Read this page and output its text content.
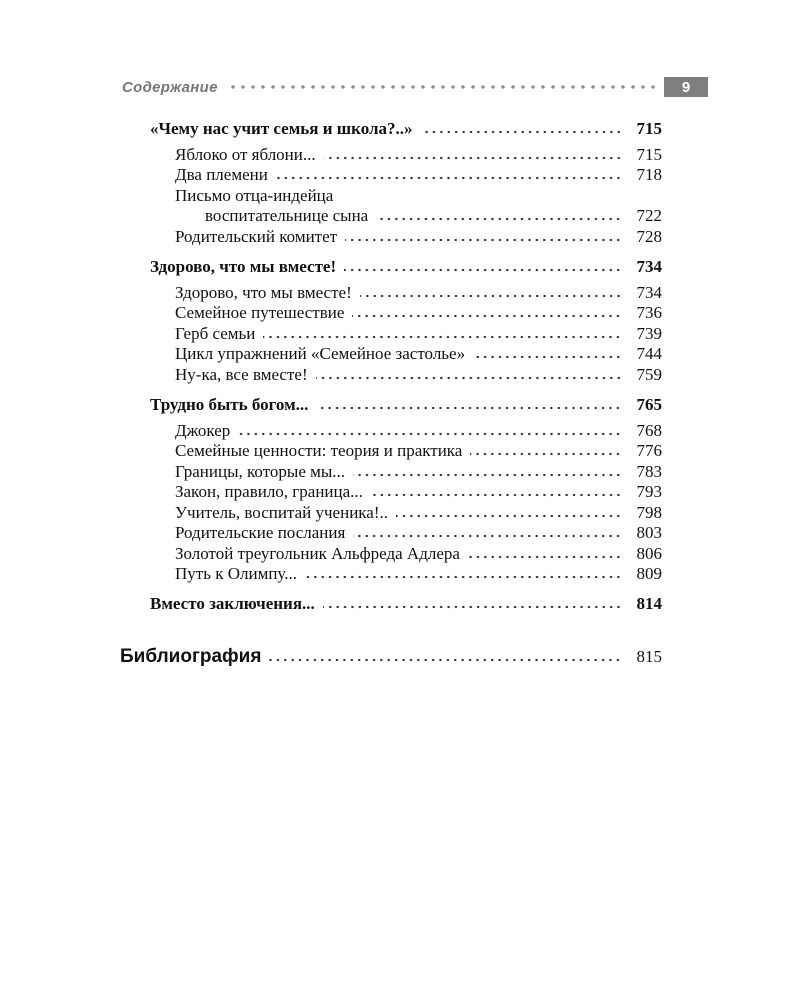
Содержание	9
«Чему нас учит семья и школа?..»	715
Яблоко от яблони...	715
Два племени	718
Письмо отца-индейца
воспитательнице сына	722
Родительский комитет	728
Здорово, что мы вместе!	734
Здорово, что мы вместе!	734
Семейное путешествие	736
Герб семьи	739
Цикл упражнений «Семейное застолье»	744
Ну-ка, все вместе!	759
Трудно быть богом...	765
Джокер	768
Семейные ценности: теория и практика	776
Границы, которые мы...	783
Закон, правило, граница...	793
Учитель, воспитай ученика!..	798
Родительские послания	803
Золотой треугольник Альфреда Адлера	806
Путь к Олимпу...	809
Вместо заключения...	814
Библиография	815
